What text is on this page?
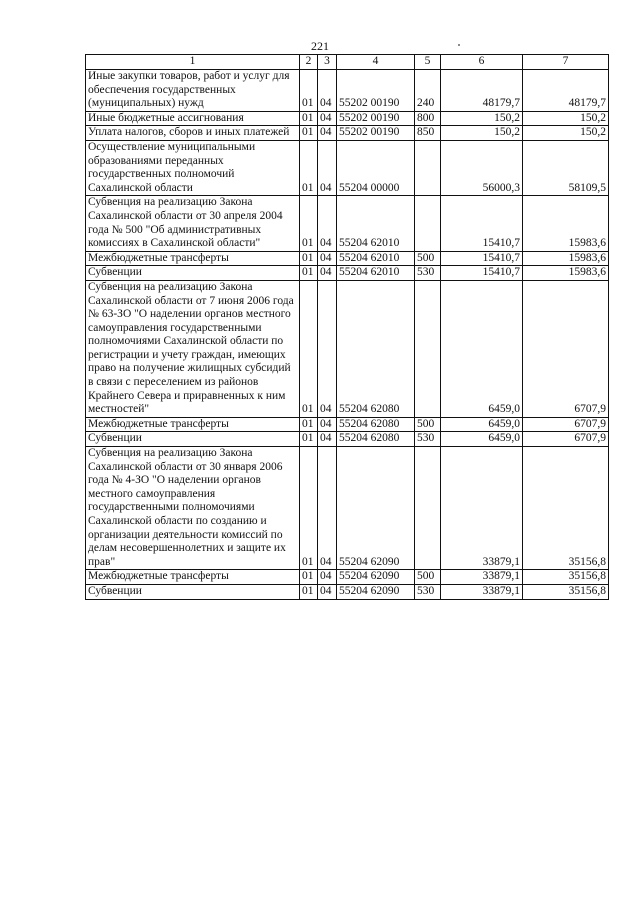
221
1	2	3	4	5	6	7
Иные закупки товаров, работ и услуг для обеспечения государственных (муниципальных) нужд	01	04	55202 00190	240	48179,7	48179,7
Иные бюджетные ассигнования	01	04	55202 00190	800	150,2	150,2
Уплата налогов, сборов и иных платежей	01	04	55202 00190	850	150,2	150,2
Осуществление муниципальными образованиями переданных государственных полномочий Сахалинской области	01	04	55204 00000		56000,3	58109,5
Субвенция на реализацию Закона Сахалинской области от 30 апреля 2004 года № 500 "Об административных комиссиях в Сахалинской области"	01	04	55204 62010		15410,7	15983,6
Межбюджетные трансферты	01	04	55204 62010	500	15410,7	15983,6
Субвенции	01	04	55204 62010	530	15410,7	15983,6
Субвенция на реализацию Закона Сахалинской области от 7 июня 2006 года № 63-ЗО "О наделении органов местного самоуправления государственными полномочиями Сахалинской области по регистрации и учету граждан, имеющих право на получение жилищных субсидий в связи с переселением из районов Крайнего Севера и приравненных к ним местностей"	01	04	55204 62080		6459,0	6707,9
Межбюджетные трансферты	01	04	55204 62080	500	6459,0	6707,9
Субвенции	01	04	55204 62080	530	6459,0	6707,9
Субвенция на реализацию Закона Сахалинской области от 30 января 2006 года № 4-ЗО "О наделении органов местного самоуправления государственными полномочиями Сахалинской области по созданию и организации деятельности комиссий по делам несовершеннолетних и защите их прав"	01	04	55204 62090		33879,1	35156,8
Межбюджетные трансферты	01	04	55204 62090	500	33879,1	35156,8
Субвенции	01	04	55204 62090	530	33879,1	35156,8
